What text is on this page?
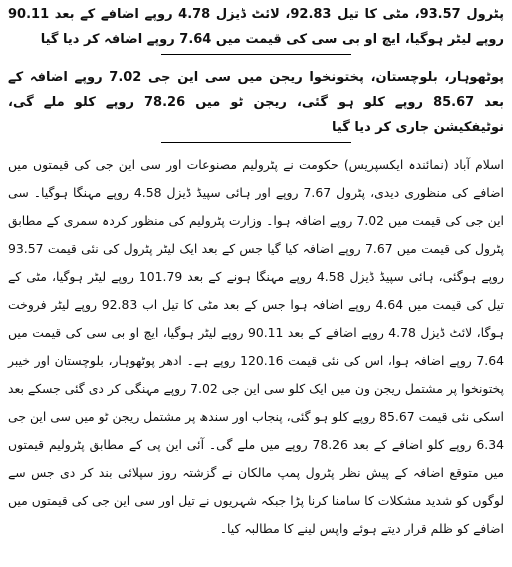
پٹرول 93.57، مٹی کا تیل 92.83، لائٹ ڈیزل 4.78 روپے اضافے کے بعد 90.11 روپے لیٹر ہوگیا، ایچ او بی سی کی قیمت میں 7.64 روپے اضافہ کر دیا گیا

پوٹھوہار، بلوچستان، پختونخوا ریجن میں سی این جی 7.02 روپے اضافہ کے بعد 85.67 روپے کلو ہو گئی، ریجن ٹو میں 78.26 روپے کلو ملے گی، نوٹیفکیشن جاری کر دیا گیا

اسلام آباد (نمائندہ ایکسپریس) حکومت نے پٹرولیم مصنوعات اور سی این جی کی قیمتوں میں اضافے کی منظوری دیدی، پٹرول 7.67 روپے اور ہائی سپیڈ ڈیزل 4.58 روپے مہنگا ہوگیا۔ سی این جی کی قیمت میں 7.02 روپے اضافہ ہوا۔ وزارت پٹرولیم کی منظور کردہ سمری کے مطابق پٹرول کی قیمت میں 7.67 روپے اضافہ کیا گیا جس کے بعد ایک لیٹر پٹرول کی نئی قیمت 93.57 روپے ہوگئی، ہائی سپیڈ ڈیزل 4.58 روپے مہنگا ہونے کے بعد 101.79 روپے لیٹر ہوگیا، مٹی کے تیل کی قیمت میں 4.64 روپے اضافہ ہوا جس کے بعد مٹی کا تیل اب 92.83 روپے لیٹر فروخت ہوگا، لائٹ ڈیزل 4.78 روپے اضافے کے بعد 90.11 روپے لیٹر ہوگیا، ایچ او بی سی کی قیمت میں 7.64 روپے اضافہ ہوا، اس کی نئی قیمت 120.16 روپے ہے۔ ادھر پوٹھوہار، بلوچستان اور خیبر پختونخوا پر مشتمل ریجن ون میں ایک کلو سی این جی 7.02 روپے مہنگی کر دی گئی جسکے بعد اسکی نئی قیمت 85.67 روپے کلو ہو گئی، پنجاب اور سندھ پر مشتمل ریجن ٹو میں سی این جی 6.34 روپے کلو اضافے کے بعد 78.26 روپے میں ملے گی۔ آئی این پی کے مطابق پٹرولیم قیمتوں میں متوقع اضافہ کے پیش نظر پٹرول پمپ مالکان نے گزشتہ روز سپلائی بند کر دی جس سے لوگوں کو شدید مشکلات کا سامنا کرنا پڑا جبکہ شہریوں نے تیل اور سی این جی کی قیمتوں میں اضافے کو ظلم قرار دیتے ہوئے واپس لینے کا مطالبہ کیا۔
